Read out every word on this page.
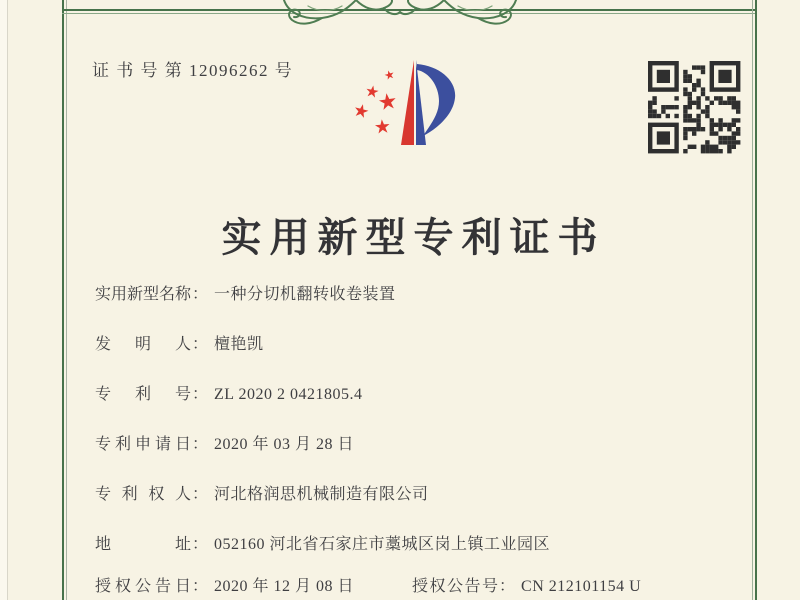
证 书 号 第 12096262 号	★
★
★
★
★
实用新型专利证书
实用新型名称： 一种分切机翻转收卷装置
发明人： 檀艳凯
专利号： ZL 2020 2 0421805.4
专利申请日： 2020 年 03 月 28 日
专利权人： 河北格润思机械制造有限公司
地址： 052160 河北省石家庄市藁城区岗上镇工业园区
授权公告日： 2020 年 12 月 08 日	授权公告号： CN 212101154 U
